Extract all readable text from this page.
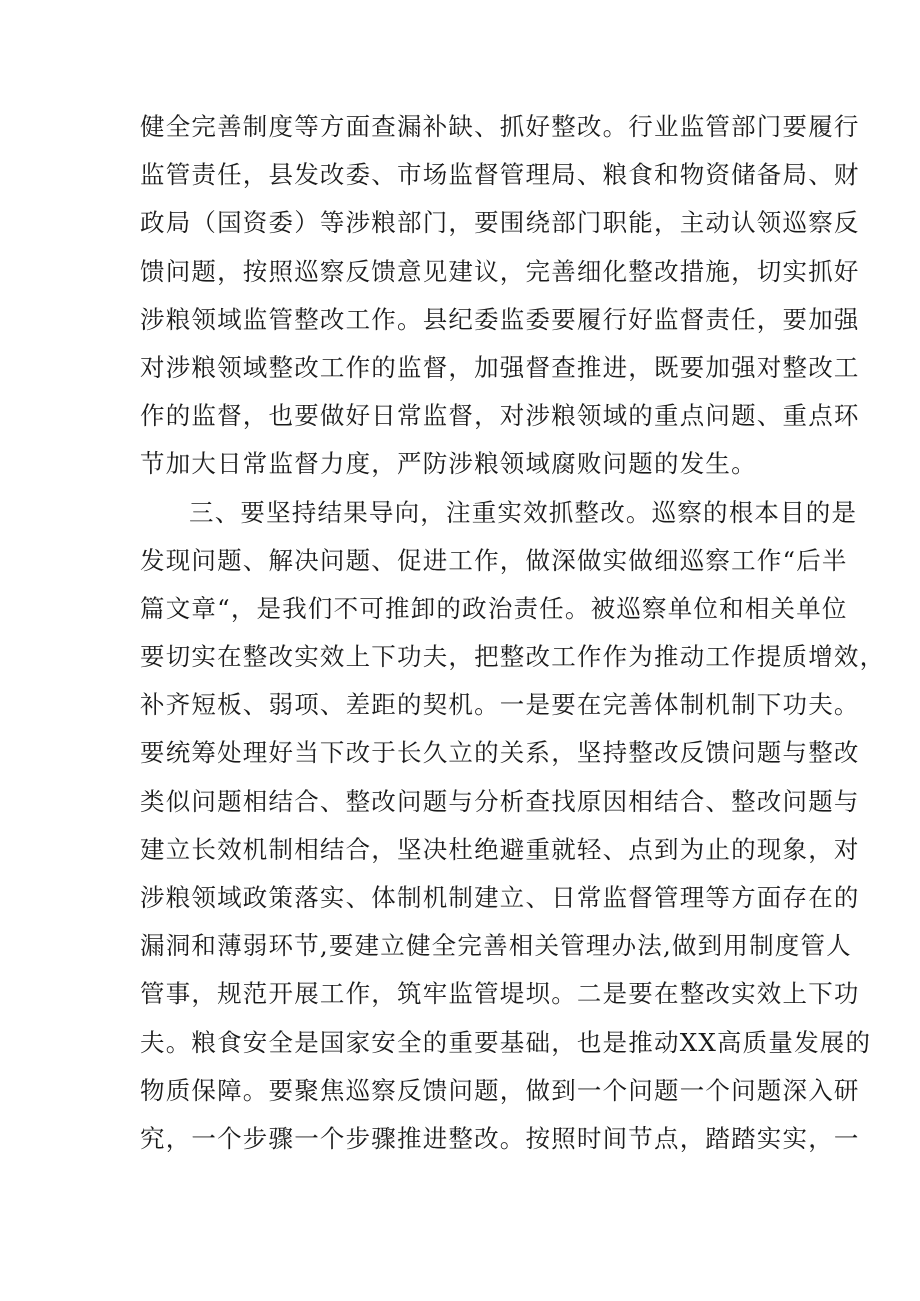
健全完善制度等方面查漏补缺、抓好整改。行业监管部门要履行
监管责任，县发改委、市场监督管理局、粮食和物资储备局、财
政局（国资委）等涉粮部门，要围绕部门职能，主动认领巡察反
馈问题，按照巡察反馈意见建议，完善细化整改措施，切实抓好
涉粮领域监管整改工作。县纪委监委要履行好监督责任，要加强
对涉粮领域整改工作的监督，加强督查推进，既要加强对整改工
作的监督，也要做好日常监督，对涉粮领域的重点问题、重点环
节加大日常监督力度，严防涉粮领域腐败问题的发生。
三、要坚持结果导向，注重实效抓整改。巡察的根本目的是
发现问题、解决问题、促进工作，做深做实做细巡察工作“后半
篇文章“，是我们不可推卸的政治责任。被巡察单位和相关单位
要切实在整改实效上下功夫，把整改工作作为推动工作提质增效，
补齐短板、弱项、差距的契机。一是要在完善体制机制下功夫。
要统筹处理好当下改于长久立的关系，坚持整改反馈问题与整改
类似问题相结合、整改问题与分析查找原因相结合、整改问题与
建立长效机制相结合，坚决杜绝避重就轻、点到为止的现象，对
涉粮领域政策落实、体制机制建立、日常监督管理等方面存在的
漏洞和薄弱环节,要建立健全完善相关管理办法,做到用制度管人
管事，规范开展工作，筑牢监管堤坝。二是要在整改实效上下功
夫。粮食安全是国家安全的重要基础，也是推动XX高质量发展的
物质保障。要聚焦巡察反馈问题，做到一个问题一个问题深入研
究，一个步骤一个步骤推进整改。按照时间节点，踏踏实实，一
